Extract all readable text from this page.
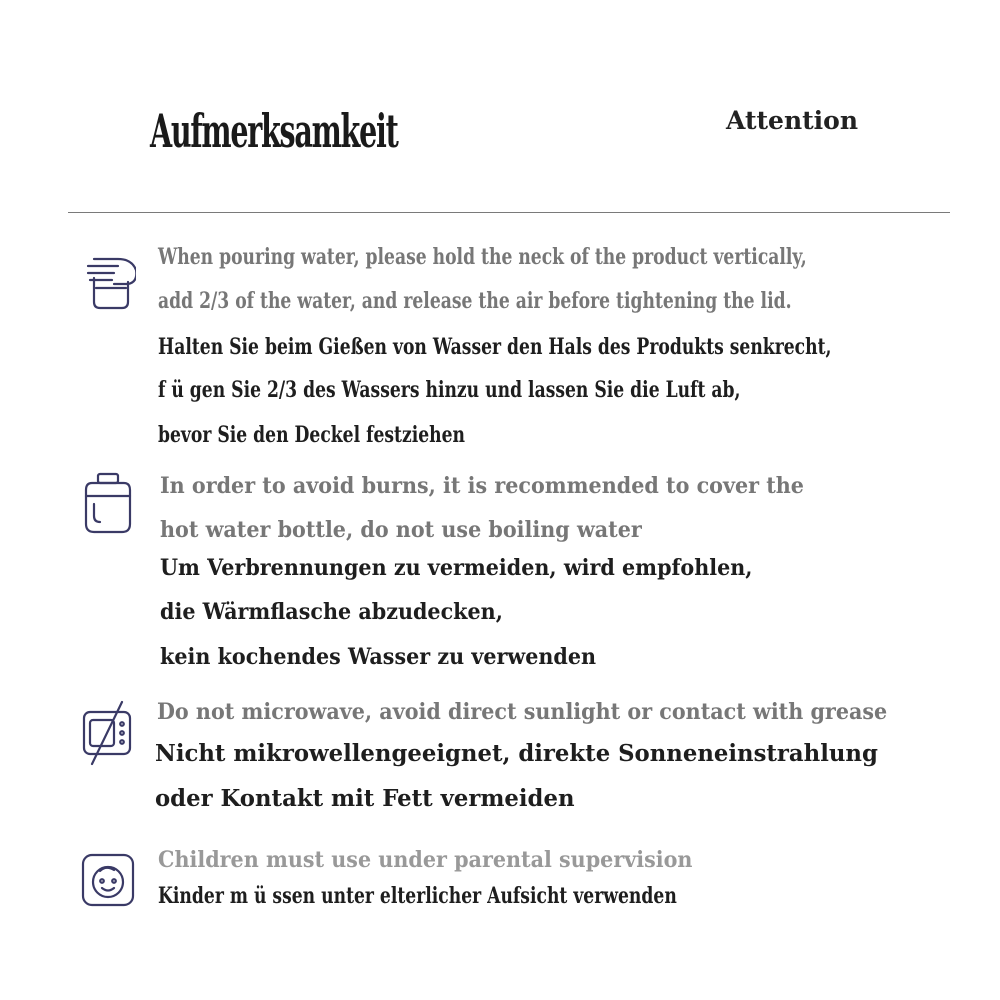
Aufmerksamkeit	Attention
When pouring water, please hold the neck of the product vertically,
add 2/3 of the water, and release the air before tightening the lid.
Halten Sie beim Gießen von Wasser den Hals des Produkts senkrecht,
f ü gen Sie 2/3 des Wassers hinzu und lassen Sie die Luft ab,
bevor Sie den Deckel festziehen
In order to avoid burns, it is recommended to cover the
hot water bottle, do not use boiling water
Um Verbrennungen zu vermeiden, wird empfohlen,
die Wärmflasche abzudecken,
kein kochendes Wasser zu verwenden
Do not microwave, avoid direct sunlight or contact with grease
Nicht mikrowellengeeignet, direkte Sonneneinstrahlung
oder Kontakt mit Fett vermeiden
Children must use under parental supervision
Kinder m ü ssen unter elterlicher Aufsicht verwenden
